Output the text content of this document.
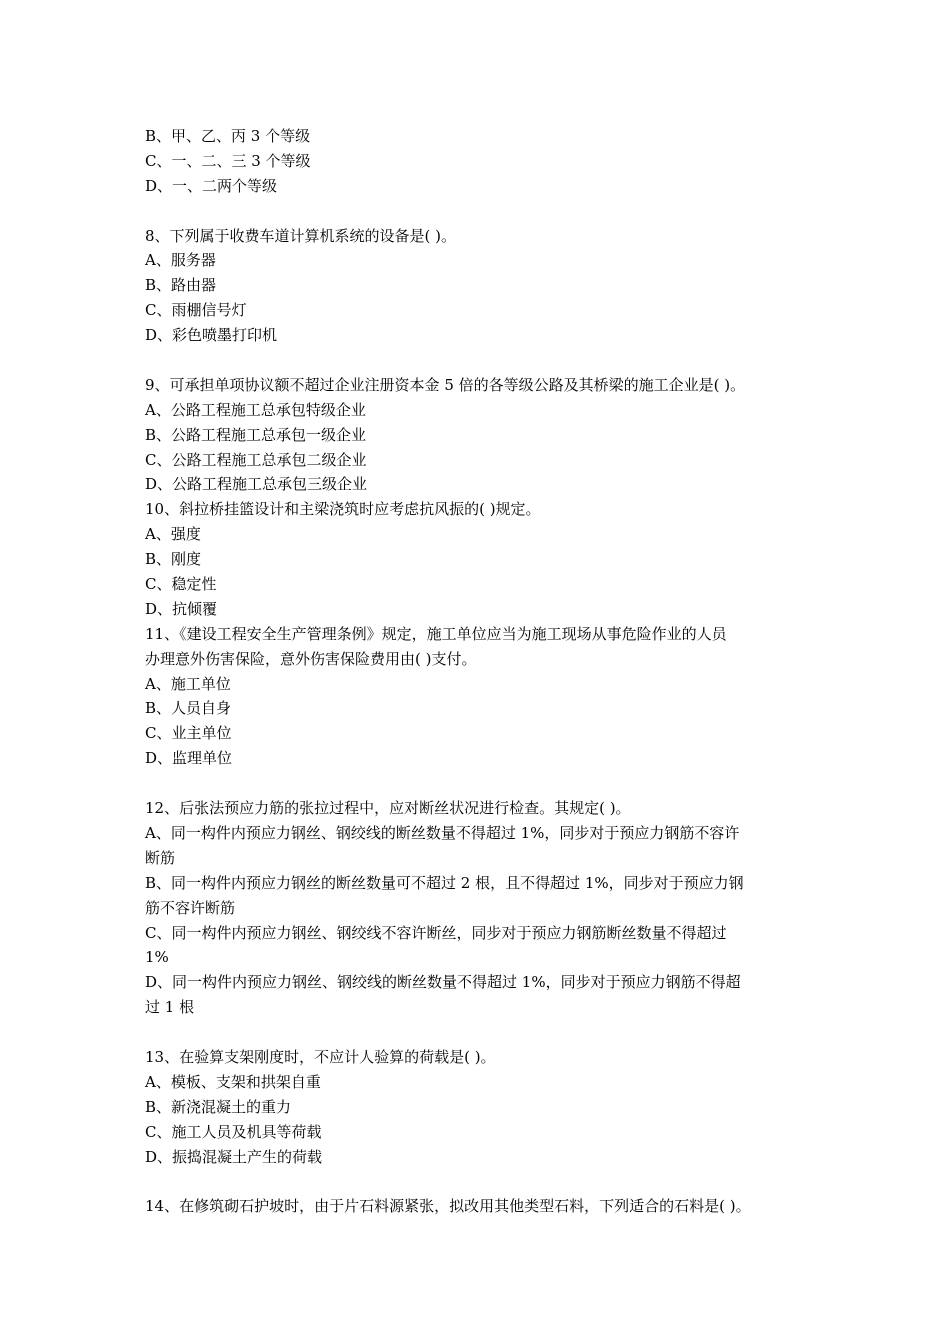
B、甲、乙、丙 3 个等级
C、一、二、三 3 个等级
D、一、二两个等级
8、下列属于收费车道计算机系统的设备是( )。
A、服务器
B、路由器
C、雨棚信号灯
D、彩色喷墨打印机
9、可承担单项协议额不超过企业注册资本金 5 倍的各等级公路及其桥梁的施工企业是( )。
A、公路工程施工总承包特级企业
B、公路工程施工总承包一级企业
C、公路工程施工总承包二级企业
D、公路工程施工总承包三级企业
10、斜拉桥挂篮设计和主梁浇筑时应考虑抗风振的( )规定。
A、强度
B、刚度
C、稳定性
D、抗倾覆
11、《建设工程安全生产管理条例》规定，施工单位应当为施工现场从事危险作业的人员
办理意外伤害保险，意外伤害保险费用由( )支付。
A、施工单位
B、人员自身
C、业主单位
D、监理单位
12、后张法预应力筋的张拉过程中，应对断丝状况进行检查。其规定( )。
A、同一构件内预应力钢丝、钢绞线的断丝数量不得超过 1%，同步对于预应力钢筋不容许
断筋
B、同一构件内预应力钢丝的断丝数量可不超过 2 根，且不得超过 1%，同步对于预应力钢
筋不容许断筋
C、同一构件内预应力钢丝、钢绞线不容许断丝，同步对于预应力钢筋断丝数量不得超过
1%
D、同一构件内预应力钢丝、钢绞线的断丝数量不得超过 1%，同步对于预应力钢筋不得超
过 1 根
13、在验算支架刚度时，不应计人验算的荷载是( )。
A、模板、支架和拱架自重
B、新浇混凝土的重力
C、施工人员及机具等荷载
D、振捣混凝土产生的荷载
14、在修筑砌石护坡时，由于片石料源紧张，拟改用其他类型石料，下列适合的石料是( )。
